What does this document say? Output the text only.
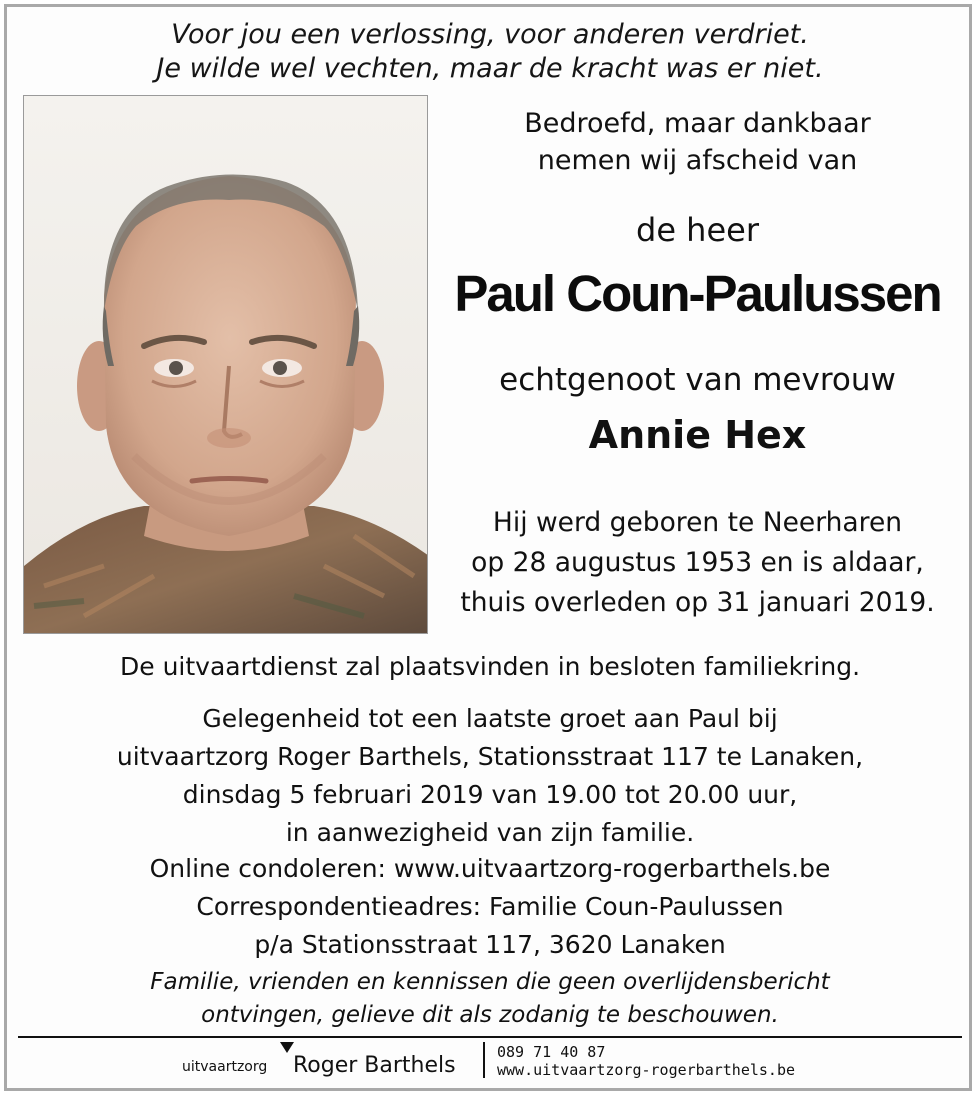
Voor jou een verlossing, voor anderen verdriet.
Je wilde wel vechten, maar de kracht was er niet.
Bedroefd, maar dankbaar
nemen wij afscheid van
de heer
Paul Coun-Paulussen
echtgenoot van mevrouw
Annie Hex
Hij werd geboren te Neerharen
op 28 augustus 1953 en is aldaar,
thuis overleden op 31 januari 2019.
De uitvaartdienst zal plaatsvinden in besloten familiekring.
Gelegenheid tot een laatste groet aan Paul bij
uitvaartzorg Roger Barthels, Stationsstraat 117 te Lanaken,
dinsdag 5 februari 2019 van 19.00 tot 20.00 uur,
in aanwezigheid van zijn familie.
Online condoleren: www.uitvaartzorg-rogerbarthels.be
Correspondentieadres: Familie Coun-Paulussen
p/a Stationsstraat 117, 3620 Lanaken
Familie, vrienden en kennissen die geen overlijdensbericht
ontvingen, gelieve dit als zodanig te beschouwen.
uitvaartzorg Roger Barthels
089 71 40 87
www.uitvaartzorg-rogerbarthels.be
